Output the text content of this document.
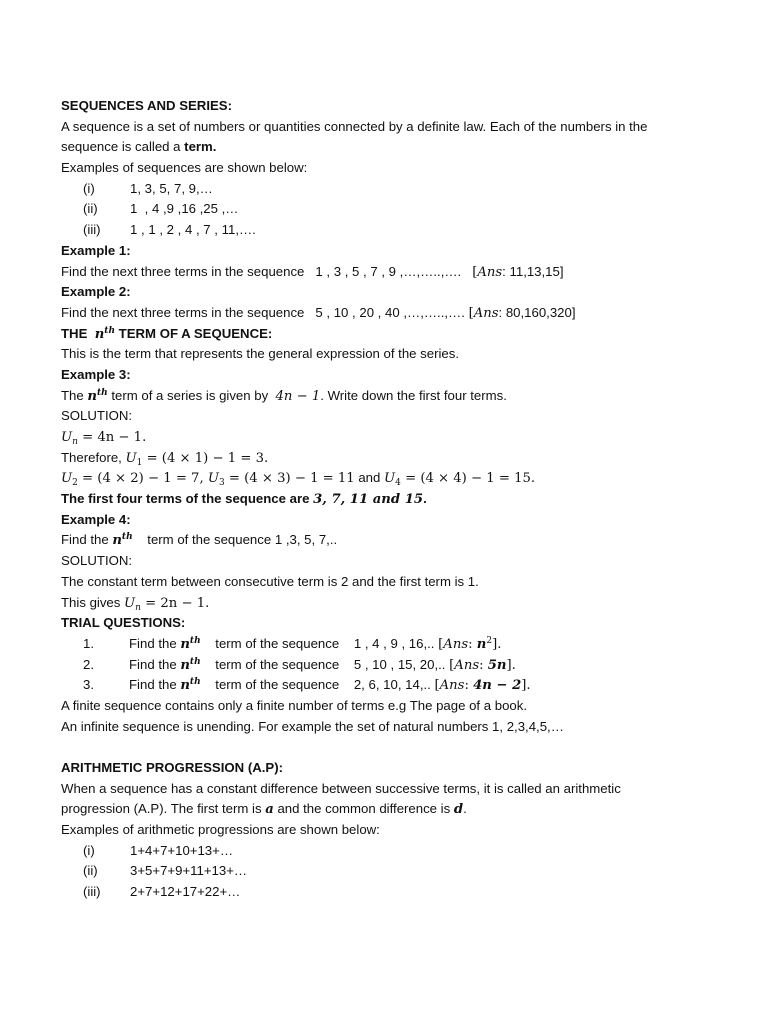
SEQUENCES AND SERIES:
A sequence is a set of numbers or quantities connected by a definite law. Each of the numbers in the
sequence is called a term.
Examples of sequences are shown below:
(i)	1, 3, 5, 7, 9,…
(ii) 1  , 4 ,9 ,16 ,25 ,…
(iii) 1 , 1 , 2 , 4 , 7 , 11,….
Example 1:
Find the next three terms in the sequence   1 , 3 , 5 , 7 , 9 ,…,…..,….   [Ans: 11,13,15]
Example 2:
Find the next three terms in the sequence   5 , 10 , 20 , 40 ,…,…..,…. [Ans: 80,160,320]
THE  $n^{th}$ TERM OF A SEQUENCE:
This is the term that represents the general expression of the series.
Example 3:
The $n^{th}$ term of a series is given by  4n − 1. Write down the first four terms.
SOLUTION:
$U_n = 4n - 1$.
Therefore, $U_1 = (4 \times 1) - 1 = 3$.
$U_2 = (4 \times 2) - 1 = 7$, $U_3 = (4 \times 3) - 1 = 11$ and $U_4 = (4 \times 4) - 1 = 15$.
The first four terms of the sequence are 3, 7, 11 and 15.
Example 4:
Find the $n^{th}$    term of the sequence 1 ,3, 5, 7,..
SOLUTION:
The constant term between consecutive term is 2 and the first term is 1.
This gives $U_n = 2n - 1$.
TRIAL QUESTIONS:
1.	Find the $n^{th}$    term of the sequence    1 , 4 , 9 , 16,.. [Ans: $n^2$].
2.	Find the $n^{th}$    term of the sequence    5 , 10 , 15, 20,.. [Ans: 5n].
3.	Find the $n^{th}$    term of the sequence    2, 6, 10, 14,.. [Ans: 4n − 2].
A finite sequence contains only a finite number of terms e.g The page of a book.
An infinite sequence is unending. For example the set of natural numbers 1, 2,3,4,5,…
ARITHMETIC PROGRESSION (A.P):
When a sequence has a constant difference between successive terms, it is called an arithmetic
progression (A.P). The first term is a and the common difference is d.
Examples of arithmetic progressions are shown below:
(i)	1+4+7+10+13+…
(ii) 3+5+7+9+11+13+…
(iii) 2+7+12+17+22+…
